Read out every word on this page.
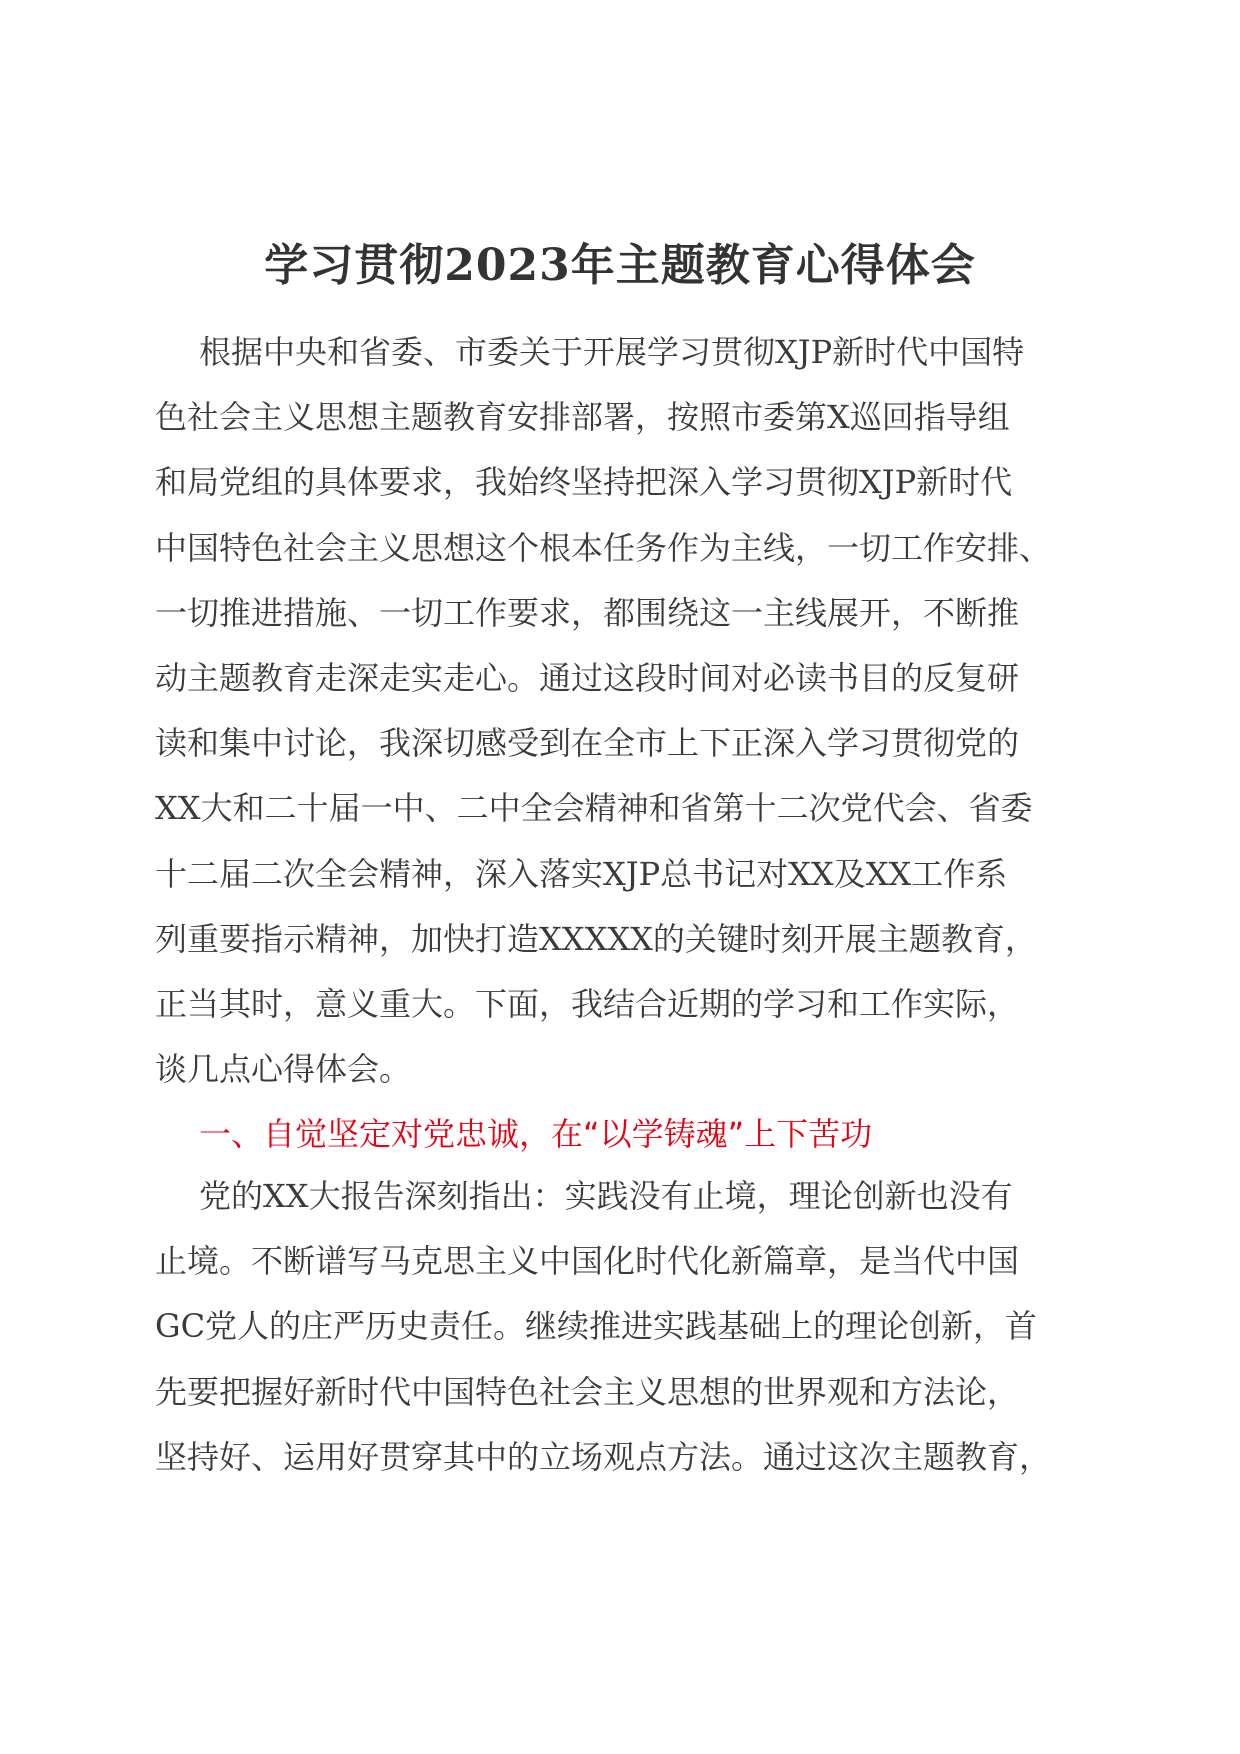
学习贯彻2023年主题教育心得体会
根据中央和省委、市委关于开展学习贯彻XJP新时代中国特
色社会主义思想主题教育安排部署，按照市委第X巡回指导组
和局党组的具体要求，我始终坚持把深入学习贯彻XJP新时代
中国特色社会主义思想这个根本任务作为主线，一切工作安排、
一切推进措施、一切工作要求，都围绕这一主线展开，不断推
动主题教育走深走实走心。通过这段时间对必读书目的反复研
读和集中讨论，我深切感受到在全市上下正深入学习贯彻党的
XX大和二十届一中、二中全会精神和省第十二次党代会、省委
十二届二次全会精神，深入落实XJP总书记对XX及XX工作系
列重要指示精神，加快打造XXXXX的关键时刻开展主题教育，
正当其时，意义重大。下面，我结合近期的学习和工作实际，
谈几点心得体会。
一、自觉坚定对党忠诚，在“以学铸魂”上下苦功
党的XX大报告深刻指出：实践没有止境，理论创新也没有
止境。不断谱写马克思主义中国化时代化新篇章，是当代中国
GC党人的庄严历史责任。继续推进实践基础上的理论创新，首
先要把握好新时代中国特色社会主义思想的世界观和方法论，
坚持好、运用好贯穿其中的立场观点方法。通过这次主题教育，
